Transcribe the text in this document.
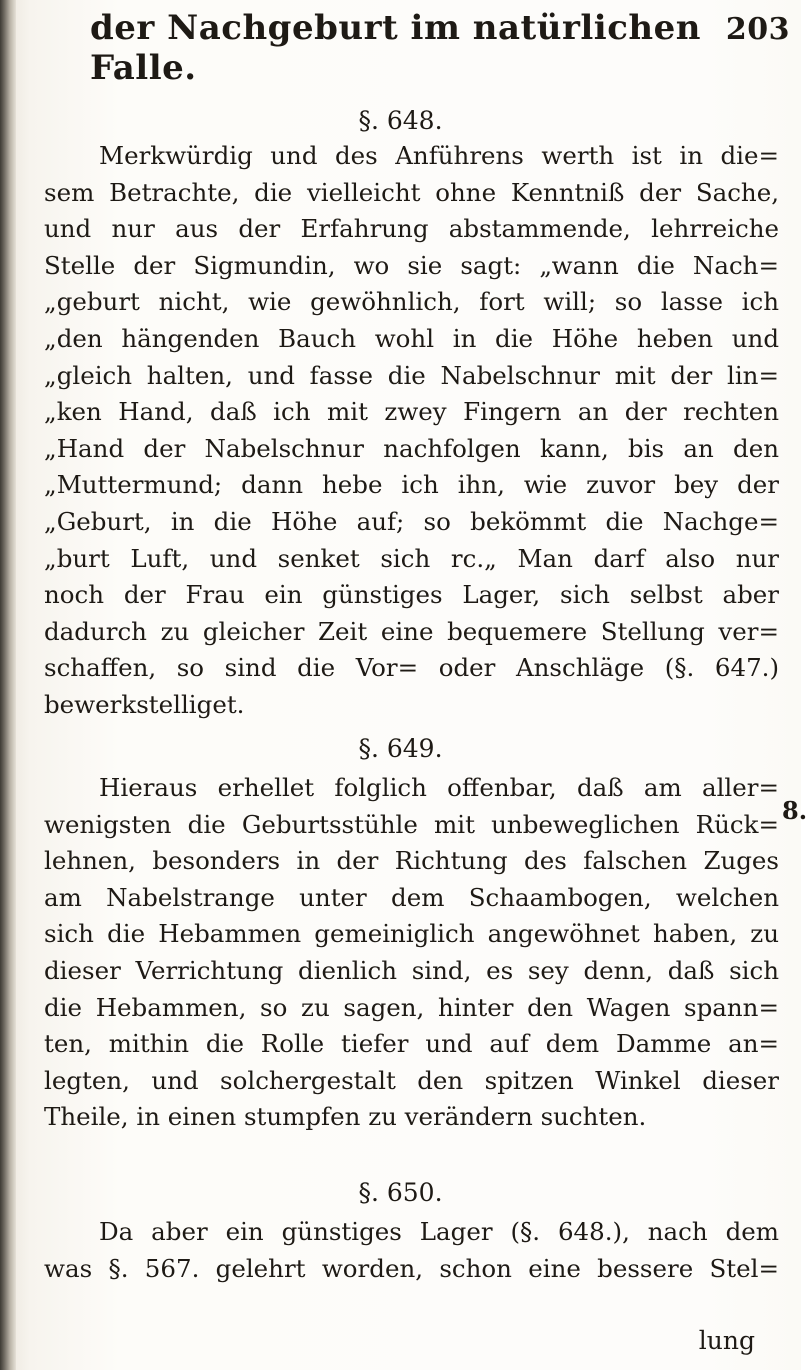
der Nachgeburt im natürlichen Falle.
203
§. 648.
Merkwürdig und des Anführens werth ist in die=
sem Betrachte, die vielleicht ohne Kenntniß der Sache,
und nur aus der Erfahrung abstammende, lehrreiche
Stelle der Sigmundin, wo sie sagt: „wann die Nach=
„geburt nicht, wie gewöhnlich, fort will; so lasse ich
„den hängenden Bauch wohl in die Höhe heben und
„gleich halten, und fasse die Nabelschnur mit der lin=
„ken Hand, daß ich mit zwey Fingern an der rechten
„Hand der Nabelschnur nachfolgen kann, bis an den
„Muttermund; dann hebe ich ihn, wie zuvor bey der
„Geburt, in die Höhe auf; so bekömmt die Nachge=
„burt Luft, und senket sich rc.„ Man darf also nur
noch der Frau ein günstiges Lager, sich selbst aber
dadurch zu gleicher Zeit eine bequemere Stellung ver=
schaffen, so sind die Vor= oder Anschläge (§. 647.)
bewerkstelliget.
§. 649.
Hieraus erhellet folglich offenbar, daß am aller=
wenigsten die Geburtsstühle mit unbeweglichen Rück=
lehnen, besonders in der Richtung des falschen Zuges
am Nabelstrange unter dem Schaambogen, welchen
sich die Hebammen gemeiniglich angewöhnet haben, zu
dieser Verrichtung dienlich sind, es sey denn, daß sich
die Hebammen, so zu sagen, hinter den Wagen spann=
ten, mithin die Rolle tiefer und auf dem Damme an=
legten, und solchergestalt den spitzen Winkel dieser
Theile, in einen stumpfen zu verändern suchten.
8.
§. 650.
Da aber ein günstiges Lager (§. 648.), nach dem
was §. 567. gelehrt worden, schon eine bessere Stel=
lung
